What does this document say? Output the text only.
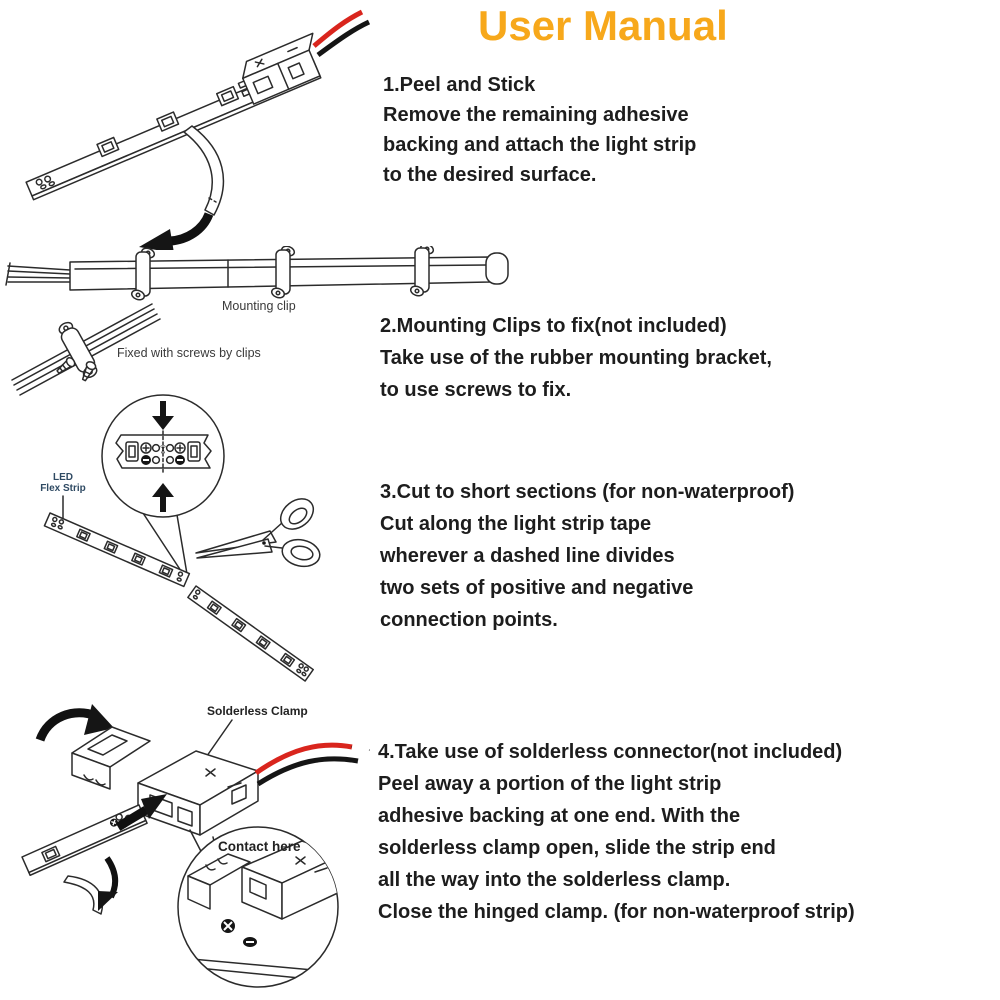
User Manual
✂
Mounting clip
Fixed with screws by clips
LED
Flex Strip
Solderless Clamp
Contact here
1.Peel and Stick
Remove the remaining adhesive
backing and attach the light strip
to the desired surface.
2.Mounting Clips to fix(not included)
Take use of the rubber mounting bracket,
to use screws to fix.
3.Cut to short sections (for non-waterproof)
Cut along the light strip tape
wherever a dashed line divides
two sets of positive and negative
connection points.
4.Take use of solderless connector(not included)
Peel away a portion of the light strip
adhesive backing at one end. With the
solderless clamp open, slide the strip end
all the way into the solderless clamp.
Close the hinged clamp. (for non-waterproof strip)
